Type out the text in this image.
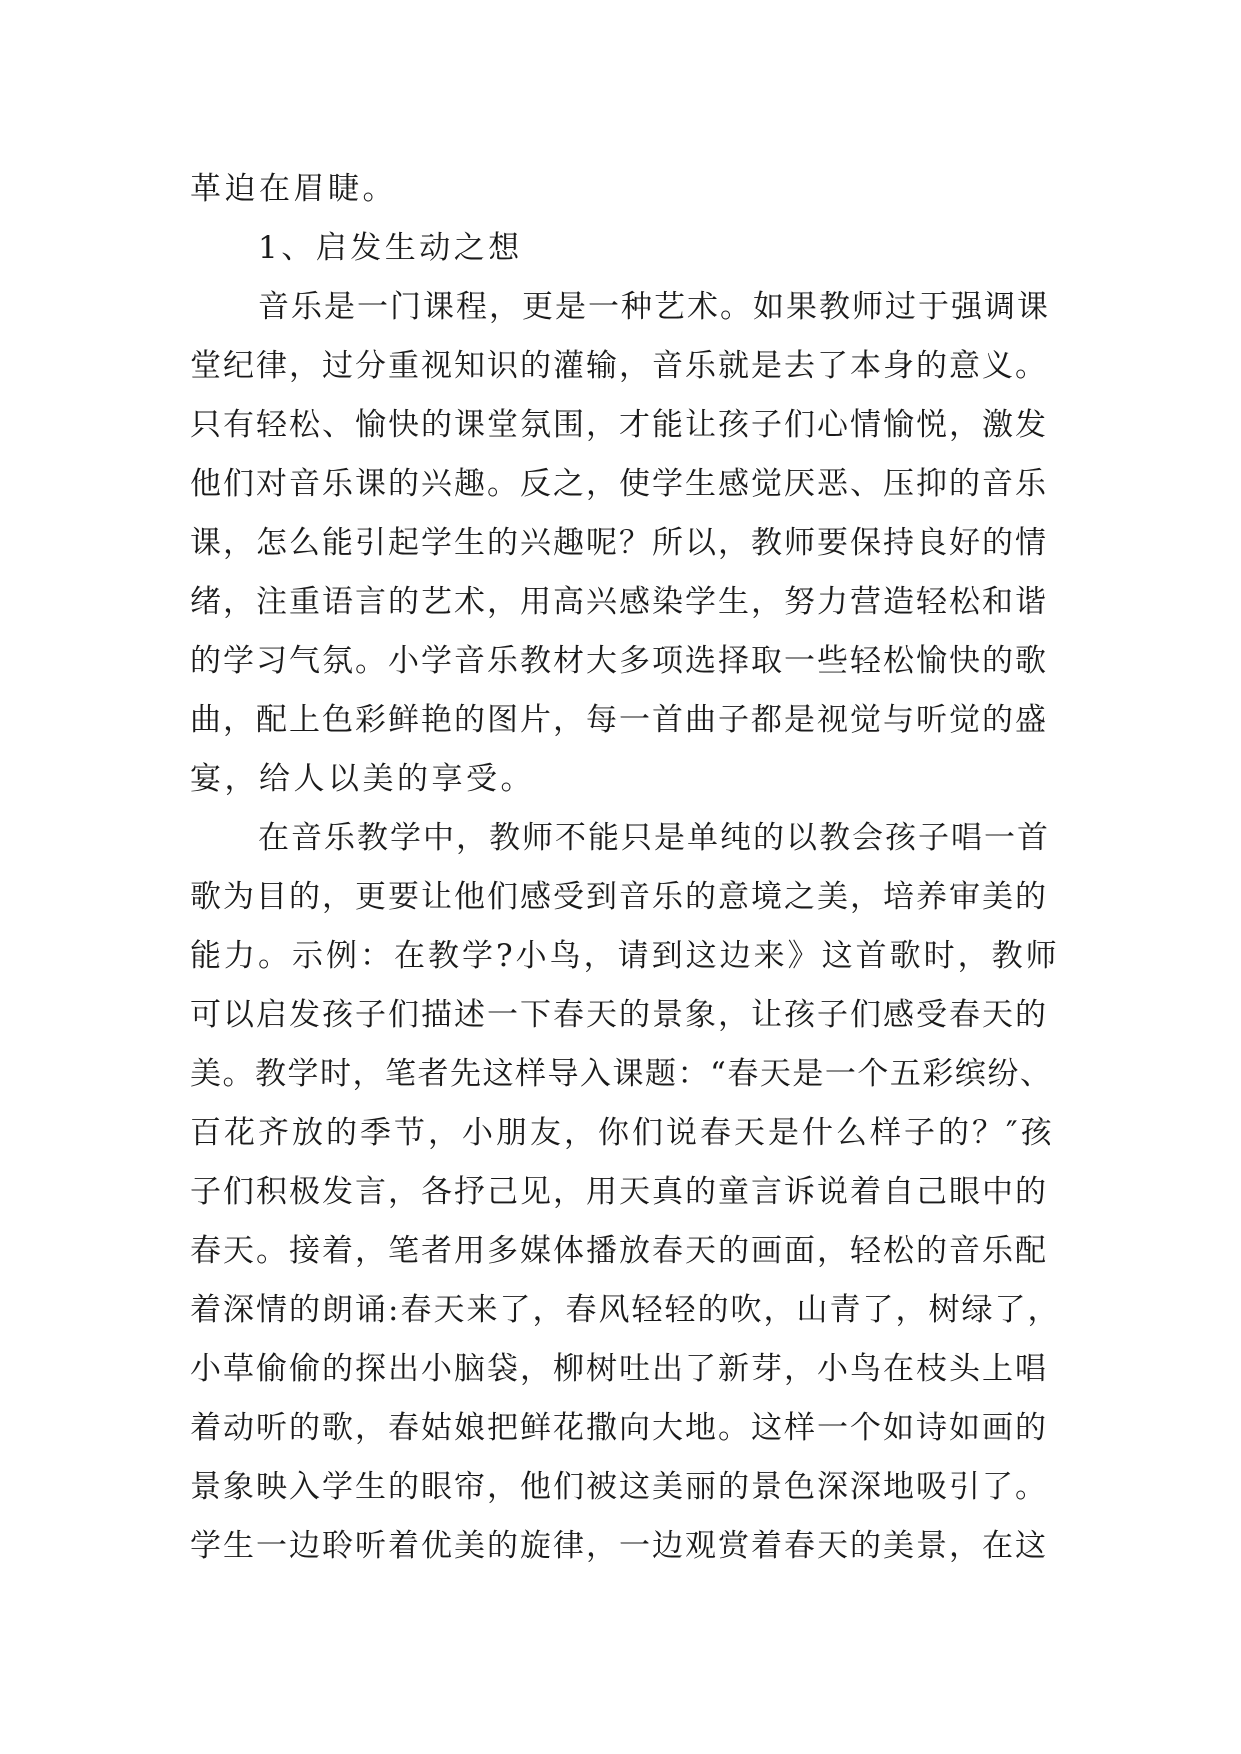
革迫在眉睫。
1、启发生动之想
音乐是一门课程，更是一种艺术。如果教师过于强调课
堂纪律，过分重视知识的灌输，音乐就是去了本身的意义。
只有轻松、愉快的课堂氛围，才能让孩子们心情愉悦，激发
他们对音乐课的兴趣。反之，使学生感觉厌恶、压抑的音乐
课，怎么能引起学生的兴趣呢？所以，教师要保持良好的情
绪，注重语言的艺术，用高兴感染学生，努力营造轻松和谐
的学习气氛。小学音乐教材大多项选择取一些轻松愉快的歌
曲，配上色彩鲜艳的图片，每一首曲子都是视觉与听觉的盛
宴，给人以美的享受。
在音乐教学中，教师不能只是单纯的以教会孩子唱一首
歌为目的，更要让他们感受到音乐的意境之美，培养审美的
能力。示例：在教学?小鸟，请到这边来》这首歌时，教师
可以启发孩子们描述一下春天的景象，让孩子们感受春天的
美。教学时，笔者先这样导入课题：“春天是一个五彩缤纷、
百花齐放的季节，小朋友，你们说春天是什么样子的？″孩
子们积极发言，各抒己见，用天真的童言诉说着自己眼中的
春天。接着，笔者用多媒体播放春天的画面，轻松的音乐配
着深情的朗诵:春天来了，春风轻轻的吹，山青了，树绿了，
小草偷偷的探出小脑袋，柳树吐出了新芽，小鸟在枝头上唱
着动听的歌，春姑娘把鲜花撒向大地。这样一个如诗如画的
景象映入学生的眼帘，他们被这美丽的景色深深地吸引了。
学生一边聆听着优美的旋律，一边观赏着春天的美景，在这
